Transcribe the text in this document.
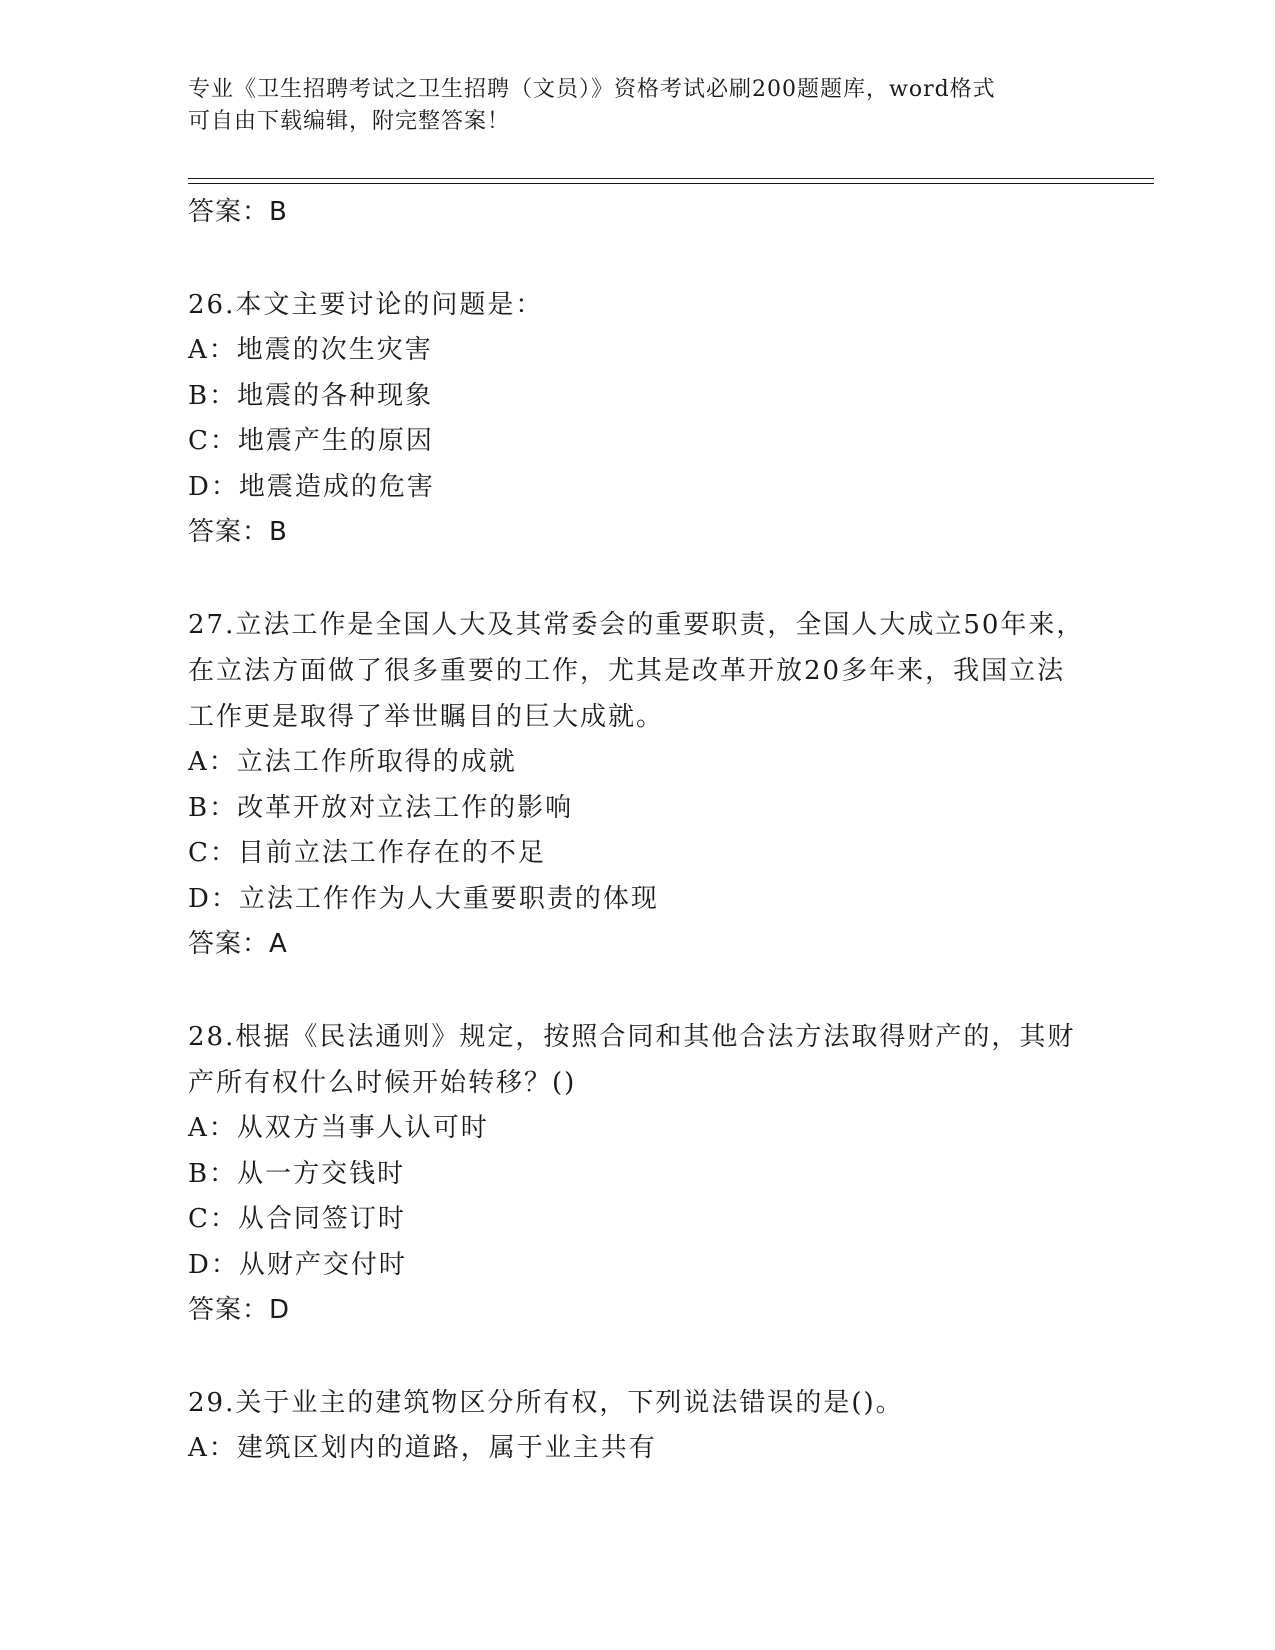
专业《卫生招聘考试之卫生招聘（文员）》资格考试必刷200题题库，word格式
可自由下载编辑，附完整答案！
答案：B
26.本文主要讨论的问题是：
A：地震的次生灾害
B：地震的各种现象
C：地震产生的原因
D：地震造成的危害
答案：B
27.立法工作是全国人大及其常委会的重要职责，全国人大成立50年来，在立法方面做了很多重要的工作，尤其是改革开放20多年来，我国立法工作更是取得了举世瞩目的巨大成就。
A：立法工作所取得的成就
B：改革开放对立法工作的影响
C：目前立法工作存在的不足
D：立法工作作为人大重要职责的体现
答案：A
28.根据《民法通则》规定，按照合同和其他合法方法取得财产的，其财产所有权什么时候开始转移？()
A：从双方当事人认可时
B：从一方交钱时
C：从合同签订时
D：从财产交付时
答案：D
29.关于业主的建筑物区分所有权，下列说法错误的是()。
A：建筑区划内的道路，属于业主共有
